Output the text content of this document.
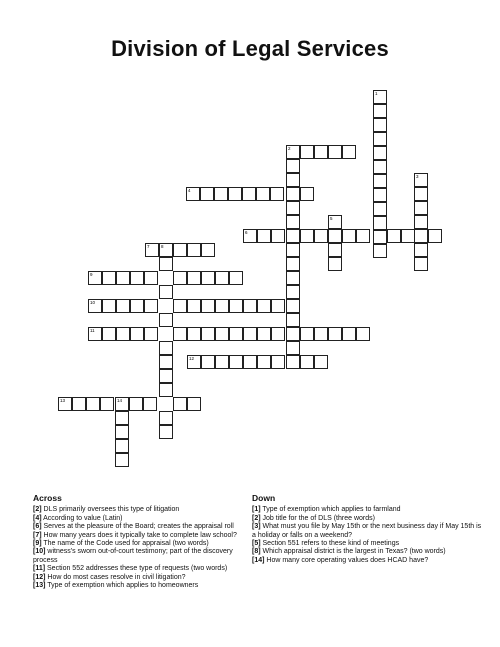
Division of Legal Services
1
2
3
4
5
6
7	8
9
10
11
12
13	14
Across

[2] DLS primarily oversees this type of litigation

[4] According to value (Latin)

[6] Serves at the pleasure of the Board; creates the appraisal roll

[7] How many years does it typically take to complete law school?

[9] The name of the Code used for appraisal (two words)

[10] witness's sworn out-of-court testimony; part of the discovery process

[11] Section 552 addresses these type of requests (two words)

[12] How do most cases resolve in civil litigation?

[13] Type of exemption which applies to homeowners

Down

[1] Type of exemption which applies to farmland

[2] Job title for the of DLS (three words)

[3] What must you file by May 15th or the next business day if May 15th is a holiday or falls on a weekend?

[5] Section 551 refers to these kind of meetings

[8] Which appraisal district is the largest in Texas? (two words)

[14] How many core operating values does HCAD have?
